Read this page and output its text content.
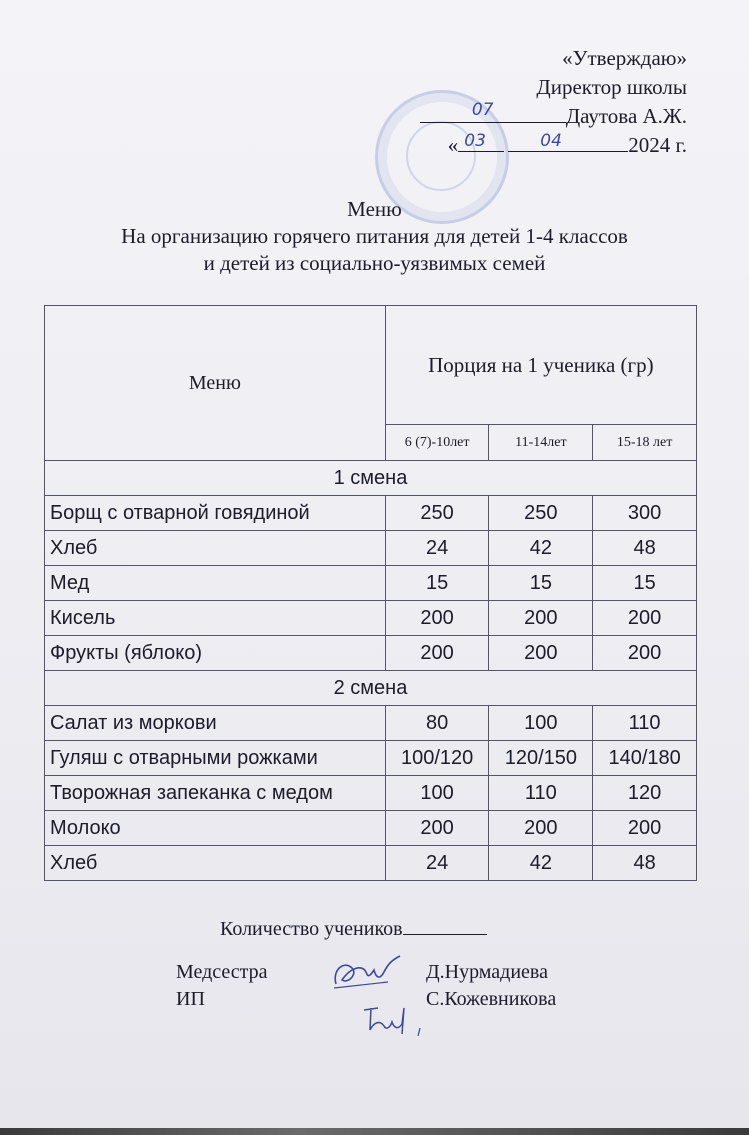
«Утверждаю»
Директор школы
07	Даутова А.Ж.
« 03	04	2024 г.
Меню
На организацию горячего питания для детей 1-4 классов
и детей из социально-уязвимых семей
Меню	Порция на 1 ученика (гр)		
	6 (7)-10лет	11-14лет	15-18 лет
1 смена			
Борщ с отварной говядиной	250	250	300
Хлеб	24	42	48
Мед	15	15	15
Кисель	200	200	200
Фрукты (яблоко)	200	200	200
2 смена			
Салат из моркови	80	100	110
Гуляш с отварными рожками	100/120	120/150	140/180
Творожная запеканка с медом	100	110	120
Молоко	200	200	200
Хлеб	24	42	48
Количество учеников
Медсестра	Д.Нурмадиева
ИП	С.Кожевникова
